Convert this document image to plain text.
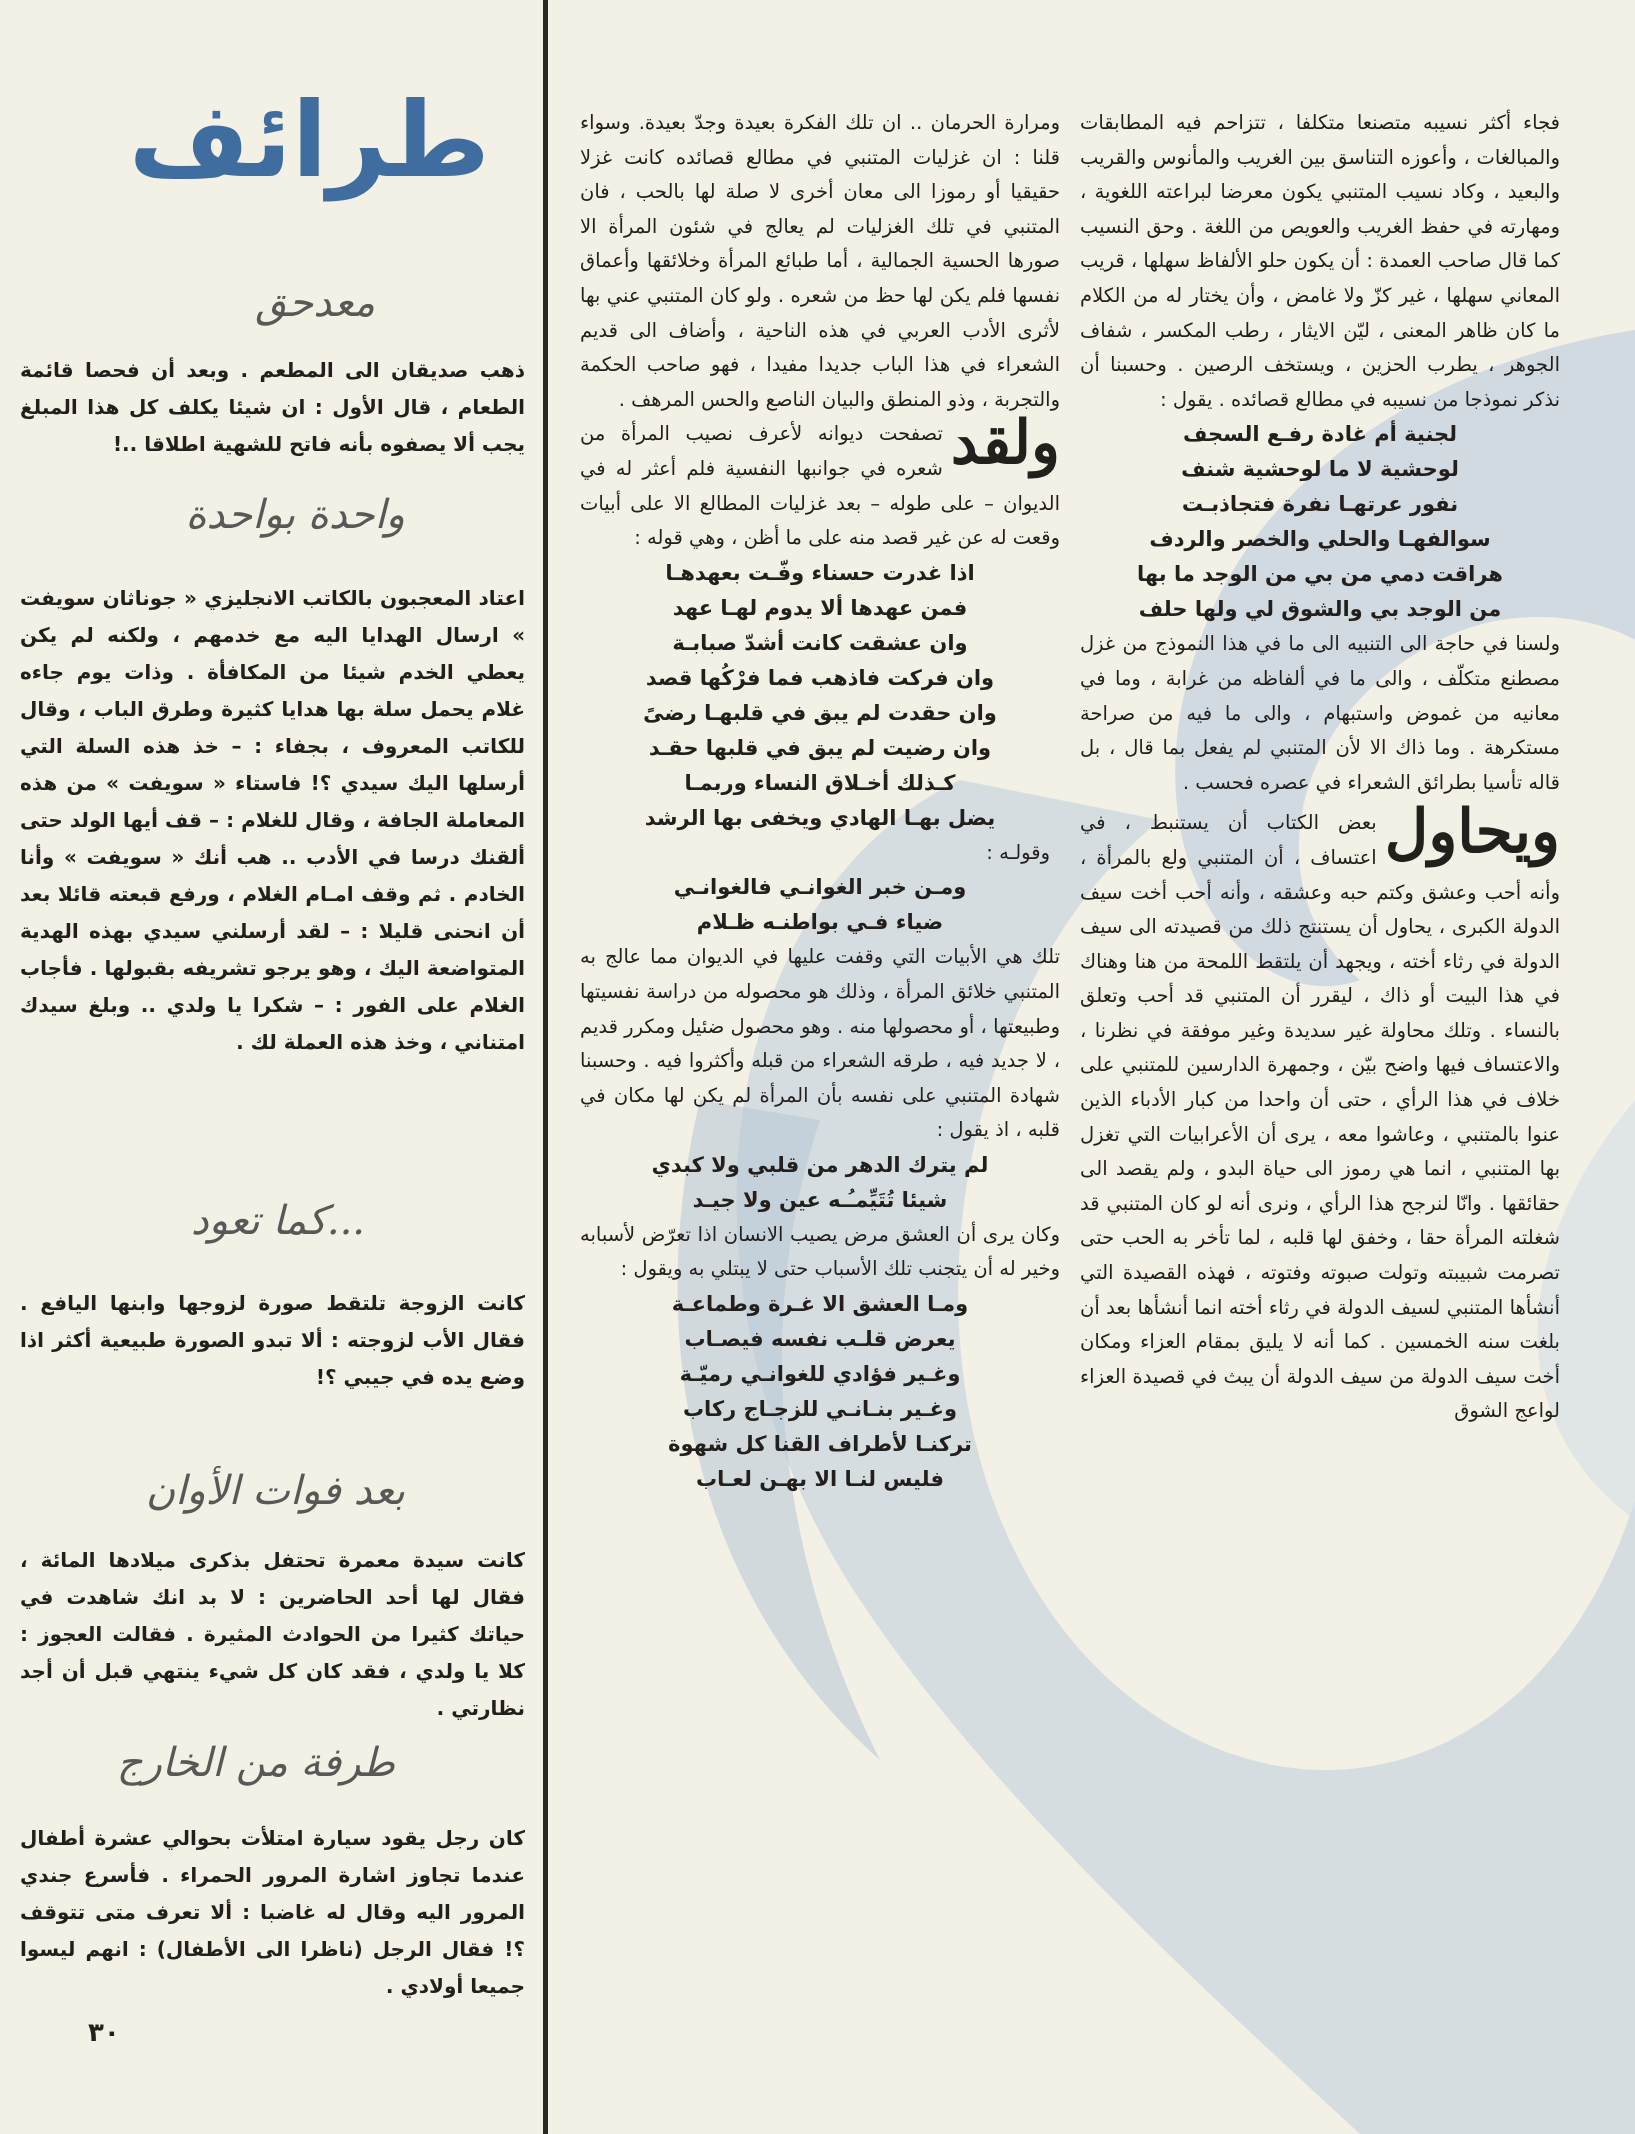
طرائف
معدحق

ذهب صديقان الى المطعم . وبعد أن فحصا قائمة الطعام ، قال الأول : ان شيئا يكلف كل هذا المبلغ يجب ألا يصفوه بأنه فاتح للشهية اطلاقا ..!

واحدة بواحدة

اعتاد المعجبون بالكاتب الانجليزي « جوناثان سويفت » ارسال الهدايا اليه مع خدمهم ، ولكنه لم يكن يعطي الخدم شيئا من المكافأة . وذات يوم جاءه غلام يحمل سلة بها هدايا كثيرة وطرق الباب ، وقال للكاتب المعروف ، بجفاء : – خذ هذه السلة التي أرسلها اليك سيدي ؟! فاستاء « سويفت » من هذه المعاملة الجافة ، وقال للغلام : – قف أيها الولد حتى ألقنك درسا في الأدب .. هب أنك « سويفت » وأنا الخادم . ثم وقف امـام الغلام ، ورفع قبعته قائلا بعد أن انحنى قليلا : – لقد أرسلني سيدي بهذه الهدية المتواضعة اليك ، وهو يرجو تشريفه بقبولها . فأجاب الغلام على الفور : – شكرا يا ولدي .. وبلغ سيدك امتناني ، وخذ هذه العملة لك .

...كما تعود

كانت الزوجة تلتقط صورة لزوجها وابنها اليافع . فقال الأب لزوجته : ألا تبدو الصورة طبيعية أكثر اذا وضع يده في جيبي ؟!

بعد فوات الأوان

كانت سيدة معمرة تحتفل بذكرى ميلادها المائة ، فقال لها أحد الحاضرين : لا بد انك شاهدت في حياتك كثيرا من الحوادث المثيرة . فقالت العجوز : كلا يا ولدي ، فقد كان كل شيء ينتهي قبل أن أجد نظارتي .

طرفة من الخارج

كان رجل يقود سيارة امتلأت بحوالي عشرة أطفال عندما تجاوز اشارة المرور الحمراء . فأسرع جندي المرور اليه وقال له غاضبا : ألا تعرف متى تتوقف ؟! فقال الرجل (ناظرا الى الأطفال) : انهم ليسوا جميعا أولادي .

٣٠

ومرارة الحرمان .. ان تلك الفكرة بعيدة وجدّ بعيدة. وسواء قلنا : ان غزليات المتنبي في مطالع قصائده كانت غزلا حقيقيا أو رموزا الى معان أخرى لا صلة لها بالحب ، فان المتنبي في تلك الغزليات لم يعالج في شئون المرأة الا صورها الحسية الجمالية ، أما طبائع المرأة وخلائقها وأعماق نفسها فلم يكن لها حظ من شعره . ولو كان المتنبي عني بها لأثرى الأدب العربي في هذه الناحية ، وأضاف الى قديم الشعراء في هذا الباب جديدا مفيدا ، فهو صاحب الحكمة والتجربة ، وذو المنطق والبيان الناصع والحس المرهف .

ولقد
تصفحت ديوانه لأعرف نصيب المرأة من شعره في جوانبها النفسية فلم أعثر له في الديوان – على طوله – بعد غزليات المطالع الا على أبيات وقعت له عن غير قصد منه على ما أظن ، وهي قوله :

اذا غدرت حسناء وفّـت بعهدهـا

فمن عهدها ألا يدوم لهـا عهد

وان عشقت كانت أشدّ صبابـة

وان فركت فاذهب فما فرْكُها قصد

وان حقدت لم يبق في قلبهـا رضىً

وان رضيت لم يبق في قلبها حقـد

كـذلك أخـلاق النساء وربمـا

يضل بهـا الهادي ويخفى بها الرشد

وقولـه :

ومـن خبر الغوانـي فالغوانـي

ضياء فـي بواطنـه ظـلام

تلك هي الأبيات التي وقفت عليها في الديوان مما عالج به المتنبي خلائق المرأة ، وذلك هو محصوله من دراسة نفسيتها وطبيعتها ، أو محصولها منه . وهو محصول ضئيل ومكرر قديم ، لا جديد فيه ، طرقه الشعراء من قبله وأكثروا فيه . وحسبنا شهادة المتنبي على نفسه بأن المرأة لم يكن لها مكان في قلبه ، اذ يقول :

لم يترك الدهر من قلبي ولا كبدي

شيئا تُتَيِّمـُـه عين ولا جيـد

وكان يرى أن العشق مرض يصيب الانسان اذا تعرّض لأسبابه وخير له أن يتجنب تلك الأسباب حتى لا يبتلي به ويقول :

ومـا العشق الا غـرة وطماعـة

يعرض قلـب نفسه فيصـاب

وغـير فؤادي للغوانـي رميّـة

وغـير بنـانـي للزجـاج ركاب

تركنـا لأطراف القنا كل شهوة

فليس لنـا الا بهـن لعـاب

فجاء أكثر نسيبه متصنعا متكلفا ، تتزاحم فيه المطابقات والمبالغات ، وأعوزه التناسق بين الغريب والمأنوس والقريب والبعيد ، وكاد نسيب المتنبي يكون معرضا لبراعته اللغوية ، ومهارته في حفظ الغريب والعويص من اللغة . وحق النسيب كما قال صاحب العمدة : أن يكون حلو الألفاظ سهلها ، قريب المعاني سهلها ، غير كزّ ولا غامض ، وأن يختار له من الكلام ما كان ظاهر المعنى ، ليّن الايثار ، رطب المكسر ، شفاف الجوهر ، يطرب الحزين ، ويستخف الرصين . وحسبنا أن نذكر نموذجا من نسيبه في مطالع قصائده . يقول :

لجنية أم غادة رفـع السجف

لوحشية لا ما لوحشية شنف

نفور عرتهـا نفرة فتجاذبـت

سوالفهـا والحلي والخصر والردف

هراقت دمي من بي من الوجد ما بها

من الوجد بي والشوق لي ولها حلف

ولسنا في حاجة الى التنبيه الى ما في هذا النموذج من غزل مصطنع متكلّف ، والى ما في ألفاظه من غرابة ، وما في معانيه من غموض واستبهام ، والى ما فيه من صراحة مستكرهة . وما ذاك الا لأن المتنبي لم يفعل بما قال ، بل قاله تأسيا بطرائق الشعراء في عصره فحسب .

ويحاول
بعض الكتاب أن يستنبط ، في اعتساف ، أن المتنبي ولع بالمرأة ، وأنه أحب وعشق وكتم حبه وعشقه ، وأنه أحب أخت سيف الدولة الكبرى ، يحاول أن يستنتج ذلك من قصيدته الى سيف الدولة في رثاء أخته ، ويجهد أن يلتقط اللمحة من هنا وهناك في هذا البيت أو ذاك ، ليقرر أن المتنبي قد أحب وتعلق بالنساء . وتلك محاولة غير سديدة وغير موفقة في نظرنا ، والاعتساف فيها واضح بيّن ، وجمهرة الدارسين للمتنبي على خلاف في هذا الرأي ، حتى أن واحدا من كبار الأدباء الذين عنوا بالمتنبي ، وعاشوا معه ، يرى أن الأعرابيات التي تغزل بها المتنبي ، انما هي رموز الى حياة البدو ، ولم يقصد الى حقائقها . وانّا لنرجح هذا الرأي ، ونرى أنه لو كان المتنبي قد شغلته المرأة حقا ، وخفق لها قلبه ، لما تأخر به الحب حتى تصرمت شبيبته وتولت صبوته وفتوته ، فهذه القصيدة التي أنشأها المتنبي لسيف الدولة في رثاء أخته انما أنشأها بعد أن بلغت سنه الخمسين . كما أنه لا يليق بمقام العزاء ومكان أخت سيف الدولة من سيف الدولة أن يبث في قصيدة العزاء لواعج الشوق
